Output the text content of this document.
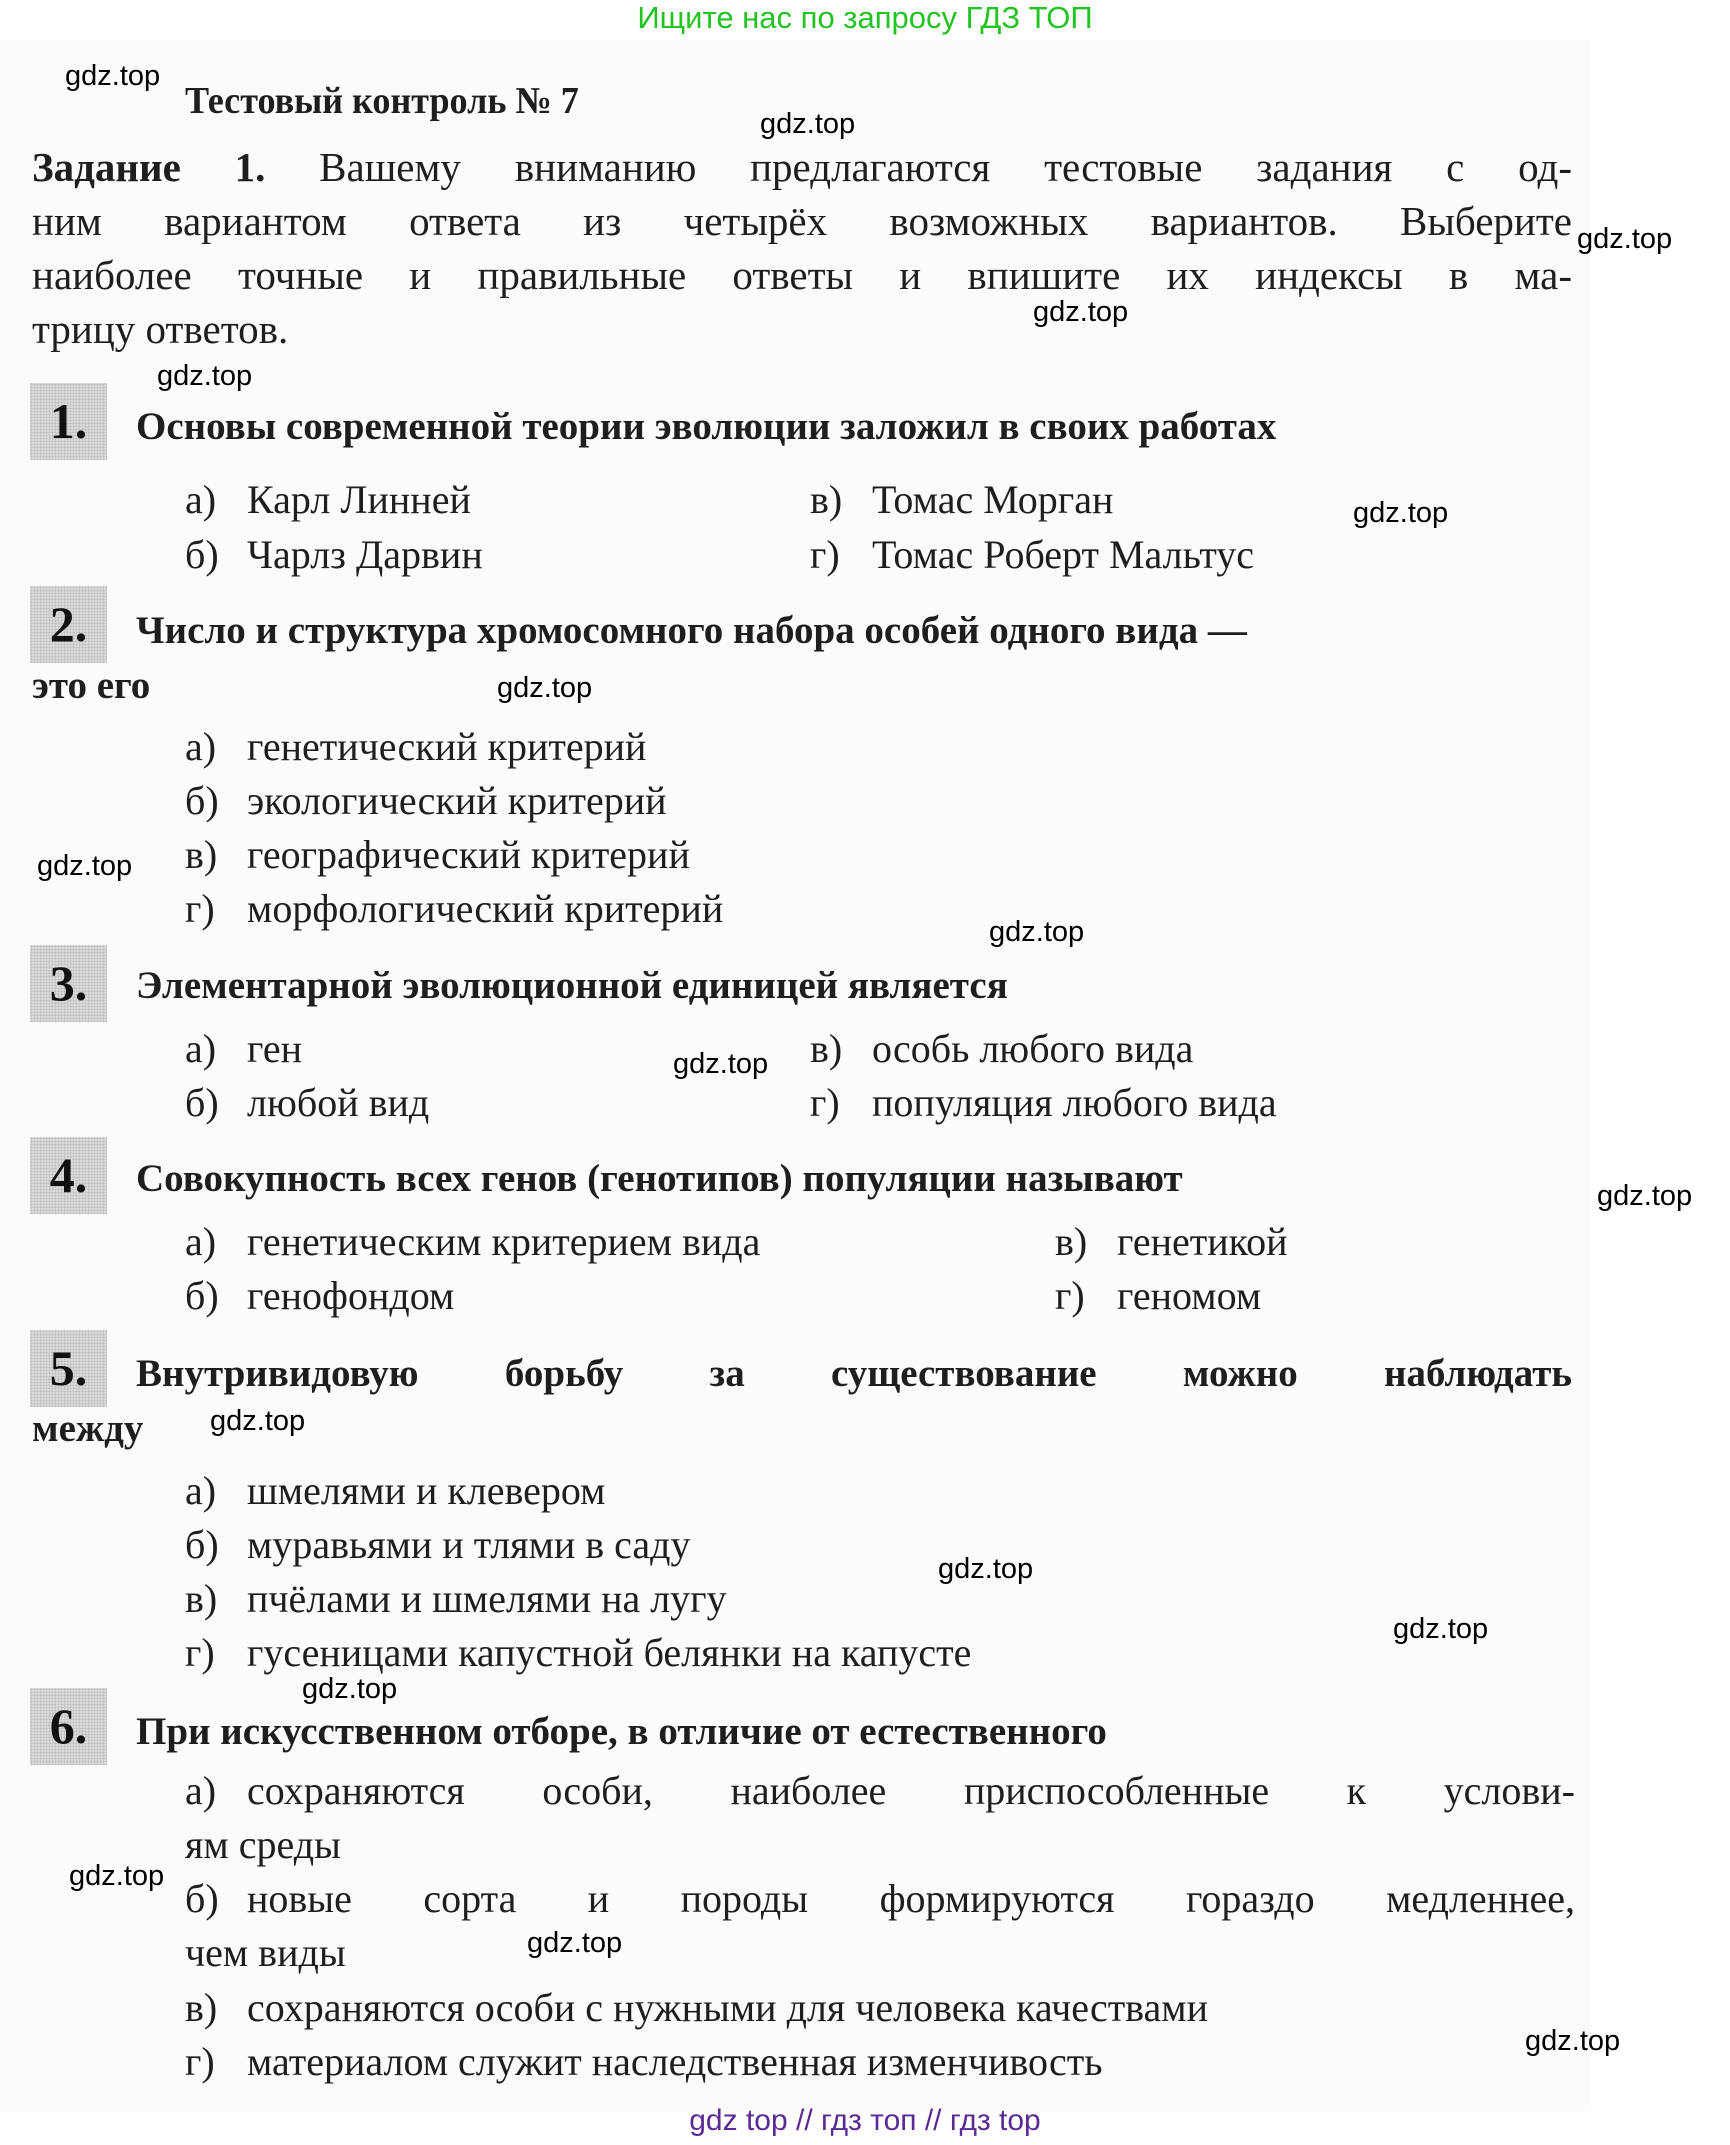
Ищите нас по запросу ГДЗ ТОП
Тестовый контроль № 7
Задание 1. Вашему вниманию предлагаются тестовые задания с од-
ним вариантом ответа из четырёх возможных вариантов. Выберите
наиболее точные и правильные ответы и впишите их индексы в ма-
трицу ответов.
1.	Основы современной теории эволюции заложил в своих работах
а) Карл Линней
б) Чарлз Дарвин
в) Томас Морган
г) Томас Роберт Мальтус
2.	Число и структура хромосомного набора особей одного вида —
это его
а) генетический критерий
б) экологический критерий
в) географический критерий
г) морфологический критерий
3.	Элементарной эволюционной единицей является
а) ген
б) любой вид
в) особь любого вида
г) популяция любого вида
4.	Совокупность всех генов (генотипов) популяции называют
а) генетическим критерием вида
б) генофондом
в) генетикой
г) геномом
5.	Внутривидовую борьбу за существование можно наблюдать
между
а) шмелями и клевером
б) муравьями и тлями в саду
в) пчёлами и шмелями на лугу
г) гусеницами капустной белянки на капусте
6.	При искусственном отборе, в отличие от естественного
а) сохраняются особи, наиболее приспособленные к услови-
ям среды
б) новые сорта и породы формируются гораздо медленнее,
чем виды
в) сохраняются особи с нужными для человека качествами
г) материалом служит наследственная изменчивость
gdz.top
gdz.top
gdz.top
gdz.top
gdz.top
gdz.top
gdz.top
gdz.top
gdz.top
gdz.top
gdz.top
gdz.top
gdz.top
gdz.top
gdz.top
gdz.top
gdz.top
gdz.top
gdz top // гдз топ // гдз top
